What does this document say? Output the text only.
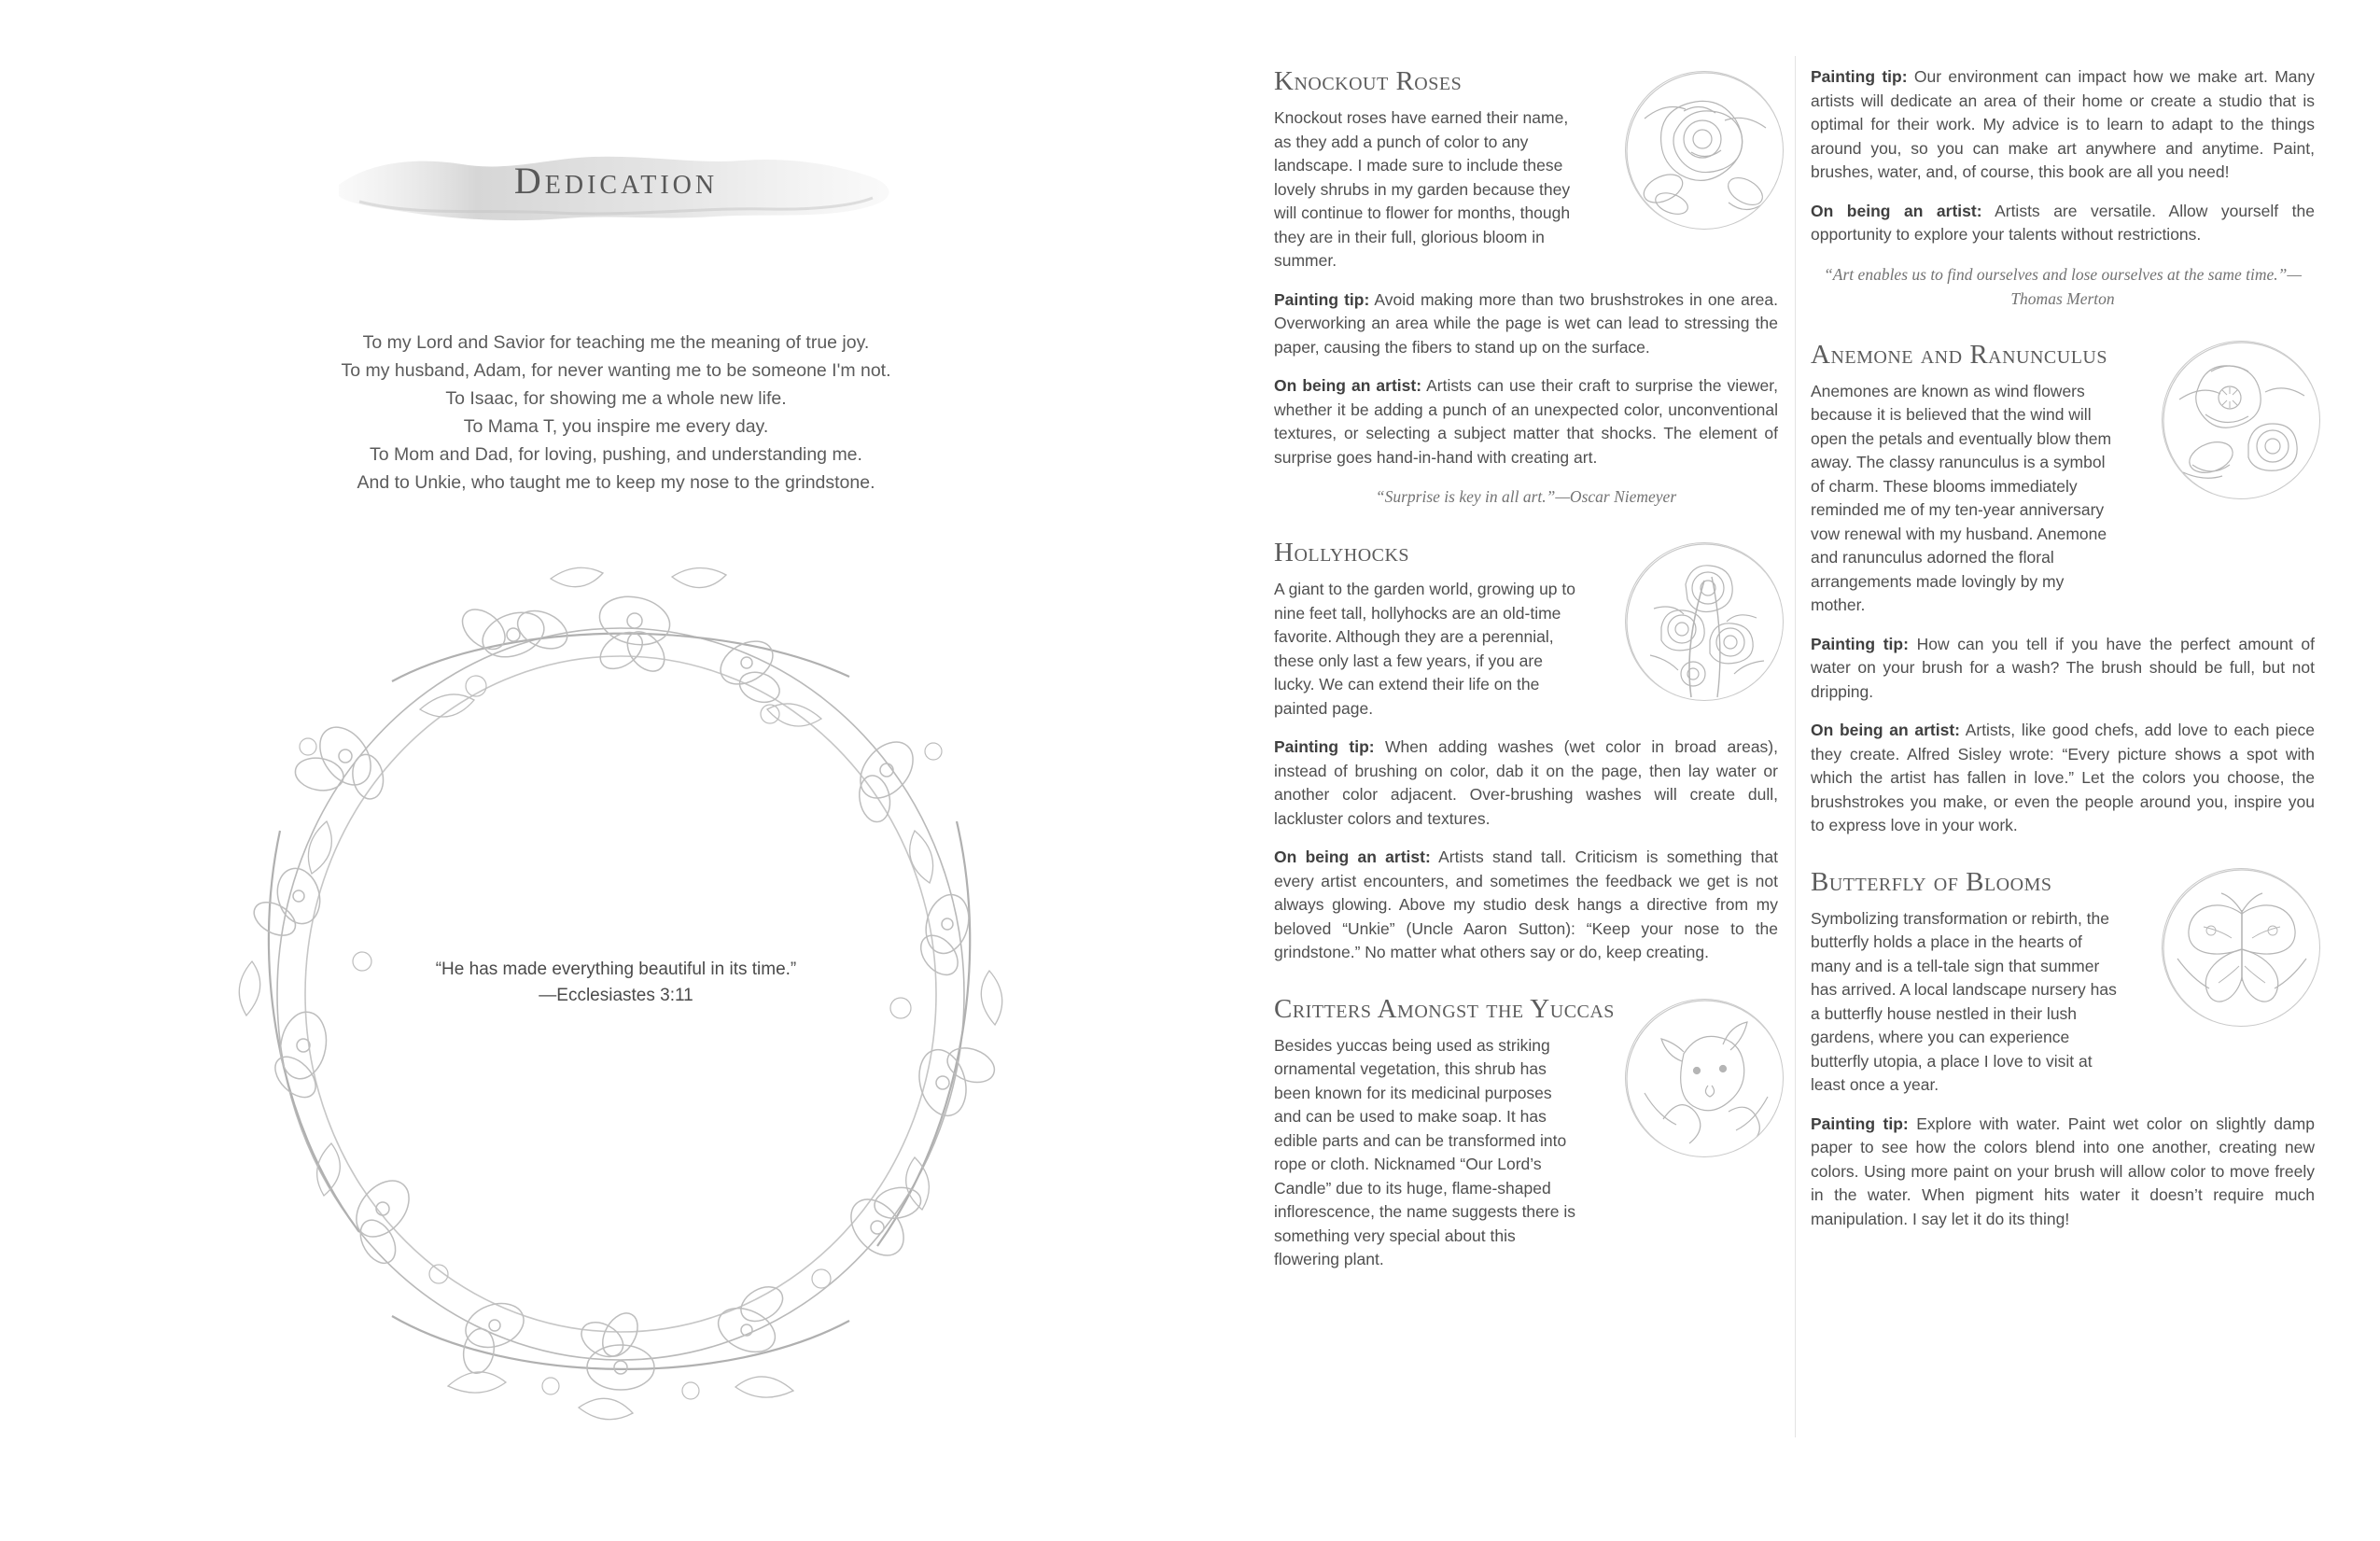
Dedication
To my Lord and Savior for teaching me the meaning of true joy.
To my husband, Adam, for never wanting me to be someone I'm not.
To Isaac, for showing me a whole new life.
To Mama T, you inspire me every day.
To Mom and Dad, for loving, pushing, and understanding me.
And to Unkie, who taught me to keep my nose to the grindstone.
“He has made everything beautiful in its time.”
—Ecclesiastes 3:11
Knockout Roses

Knockout roses have earned their name, as they add a punch of color to any landscape. I made sure to include these lovely shrubs in my garden because they will continue to flower for months, though they are in their full, glorious bloom in summer.

Painting tip: Avoid making more than two brushstrokes in one area. Overworking an area while the page is wet can lead to stressing the paper, causing the fibers to stand up on the surface.

On being an artist: Artists can use their craft to surprise the viewer, whether it be adding a punch of an unexpected color, unconventional textures, or selecting a subject matter that shocks. The element of surprise goes hand-in-hand with creating art.

“Surprise is key in all art.”—Oscar Niemeyer
Hollyhocks

A giant to the garden world, growing up to nine feet tall, hollyhocks are an old-time favorite. Although they are a perennial, these only last a few years, if you are lucky. We can extend their life on the painted page.

Painting tip: When adding washes (wet color in broad areas), instead of brushing on color, dab it on the page, then lay water or another color adjacent. Over-brushing washes will create dull, lackluster colors and textures.

On being an artist: Artists stand tall. Criticism is something that every artist encounters, and sometimes the feedback we get is not always glowing. Above my studio desk hangs a directive from my beloved “Unkie” (Uncle Aaron Sutton): “Keep your nose to the grindstone.” No matter what others say or do, keep creating.

Critters Amongst the Yuccas

Besides yuccas being used as striking ornamental vegetation, this shrub has been known for its medicinal purposes and can be used to make soap. It has edible parts and can be transformed into rope or cloth. Nicknamed “Our Lord’s Candle” due to its huge, flame-shaped inflorescence, the name suggests there is something very special about this flowering plant.

Painting tip: Our environment can impact how we make art. Many artists will dedicate an area of their home or create a studio that is optimal for their work. My advice is to learn to adapt to the things around you, so you can make art anywhere and anytime. Paint, brushes, water, and, of course, this book are all you need!

On being an artist: Artists are versatile. Allow yourself the opportunity to explore your talents without restrictions.

“Art enables us to find ourselves and lose ourselves at the same time.”—Thomas Merton
Anemone and Ranunculus

Anemones are known as wind flowers because it is believed that the wind will open the petals and eventually blow them away. The classy ranunculus is a symbol of charm. These blooms immediately reminded me of my ten-year anniversary vow renewal with my husband. Anemone and ranunculus adorned the floral arrangements made lovingly by my mother.

Painting tip: How can you tell if you have the perfect amount of water on your brush for a wash? The brush should be full, but not dripping.

On being an artist: Artists, like good chefs, add love to each piece they create. Alfred Sisley wrote: “Every picture shows a spot with which the artist has fallen in love.” Let the colors you choose, the brushstrokes you make, or even the people around you, inspire you to express love in your work.

Butterfly of Blooms

Symbolizing transformation or rebirth, the butterfly holds a place in the hearts of many and is a tell-tale sign that summer has arrived. A local landscape nursery has a butterfly house nestled in their lush gardens, where you can experience butterfly utopia, a place I love to visit at least once a year.

Painting tip: Explore with water. Paint wet color on slightly damp paper to see how the colors blend into one another, creating new colors. Using more paint on your brush will allow color to move freely in the water. When pigment hits water it doesn’t require much manipulation. I say let it do its thing!
